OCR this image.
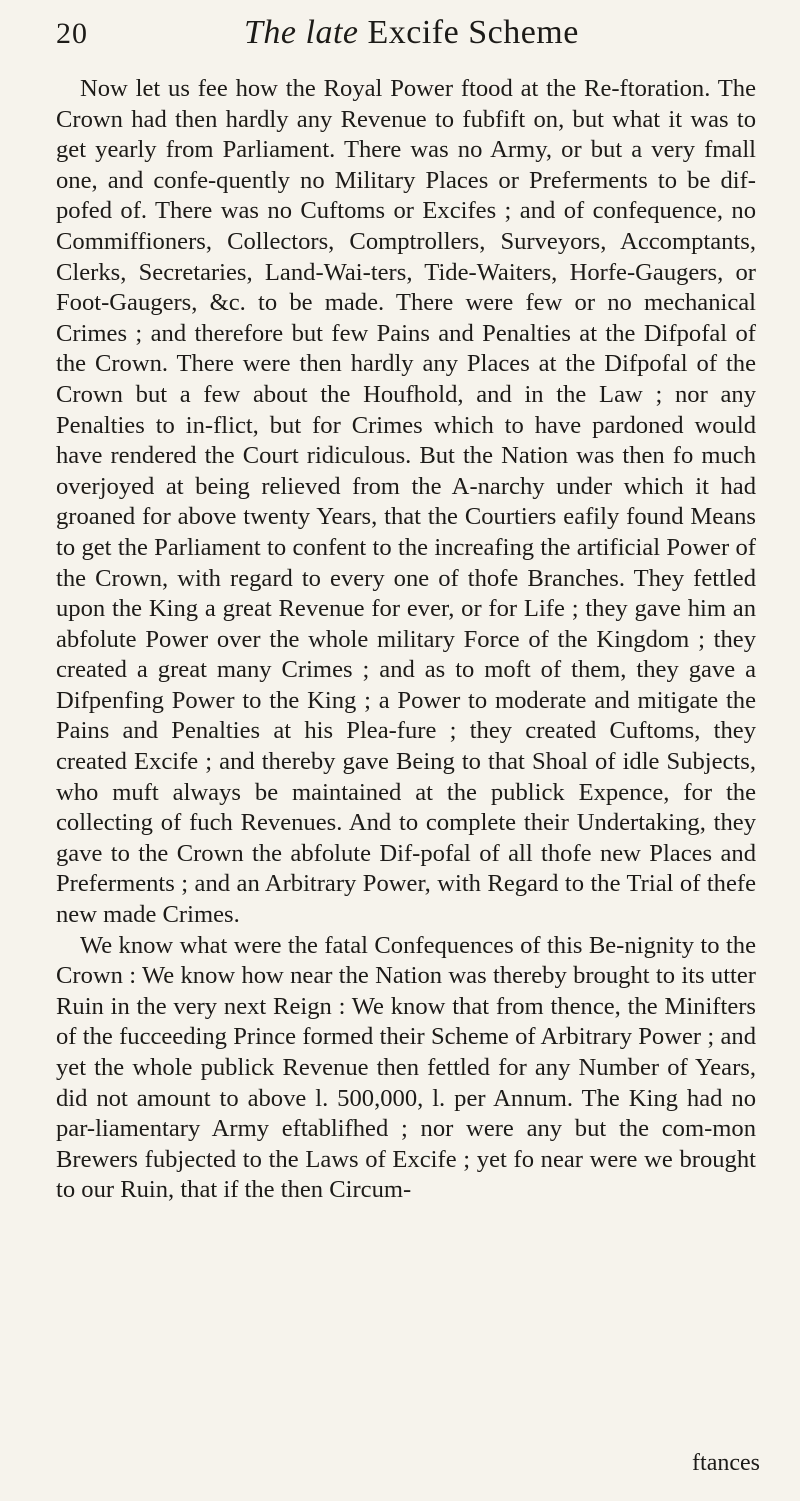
20	The late Excife Scheme

Now let us fee how the Royal Power ftood at the Re-ftoration. The Crown had then hardly any Revenue to fubfift on, but what it was to get yearly from Parliament. There was no Army, or but a very fmall one, and confe-quently no Military Places or Preferments to be dif-pofed of. There was no Cuftoms or Excifes ; and of confequence, no Commiffioners, Collectors, Comptrollers, Surveyors, Accomptants, Clerks, Secretaries, Land-Wai-ters, Tide-Waiters, Horfe-Gaugers, or Foot-Gaugers, &c. to be made. There were few or no mechanical Crimes ; and therefore but few Pains and Penalties at the Difpofal of the Crown. There were then hardly any Places at the Difpofal of the Crown but a few about the Houfhold, and in the Law ; nor any Penalties to in-flict, but for Crimes which to have pardoned would have rendered the Court ridiculous. But the Nation was then fo much overjoyed at being relieved from the A-narchy under which it had groaned for above twenty Years, that the Courtiers eafily found Means to get the Parliament to confent to the increafing the artificial Power of the Crown, with regard to every one of thofe Branches. They fettled upon the King a great Revenue for ever, or for Life ; they gave him an abfolute Power over the whole military Force of the Kingdom ; they created a great many Crimes ; and as to moft of them, they gave a Difpenfing Power to the King ; a Power to moderate and mitigate the Pains and Penalties at his Plea-fure ; they created Cuftoms, they created Excife ; and thereby gave Being to that Shoal of idle Subjects, who muft always be maintained at the publick Expence, for the collecting of fuch Revenues. And to complete their Undertaking, they gave to the Crown the abfolute Dif-pofal of all thofe new Places and Preferments ; and an Arbitrary Power, with Regard to the Trial of thefe new made Crimes.

We know what were the fatal Confequences of this Be-nignity to the Crown : We know how near the Nation was thereby brought to its utter Ruin in the very next Reign : We know that from thence, the Minifters of the fucceeding Prince formed their Scheme of Arbitrary Power ; and yet the whole publick Revenue then fettled for any Number of Years, did not amount to above l. 500,000, l. per Annum. The King had no par-liamentary Army eftablifhed ; nor were any but the com-mon Brewers fubjected to the Laws of Excife ; yet fo near were we brought to our Ruin, that if the then Circum-

ftances
